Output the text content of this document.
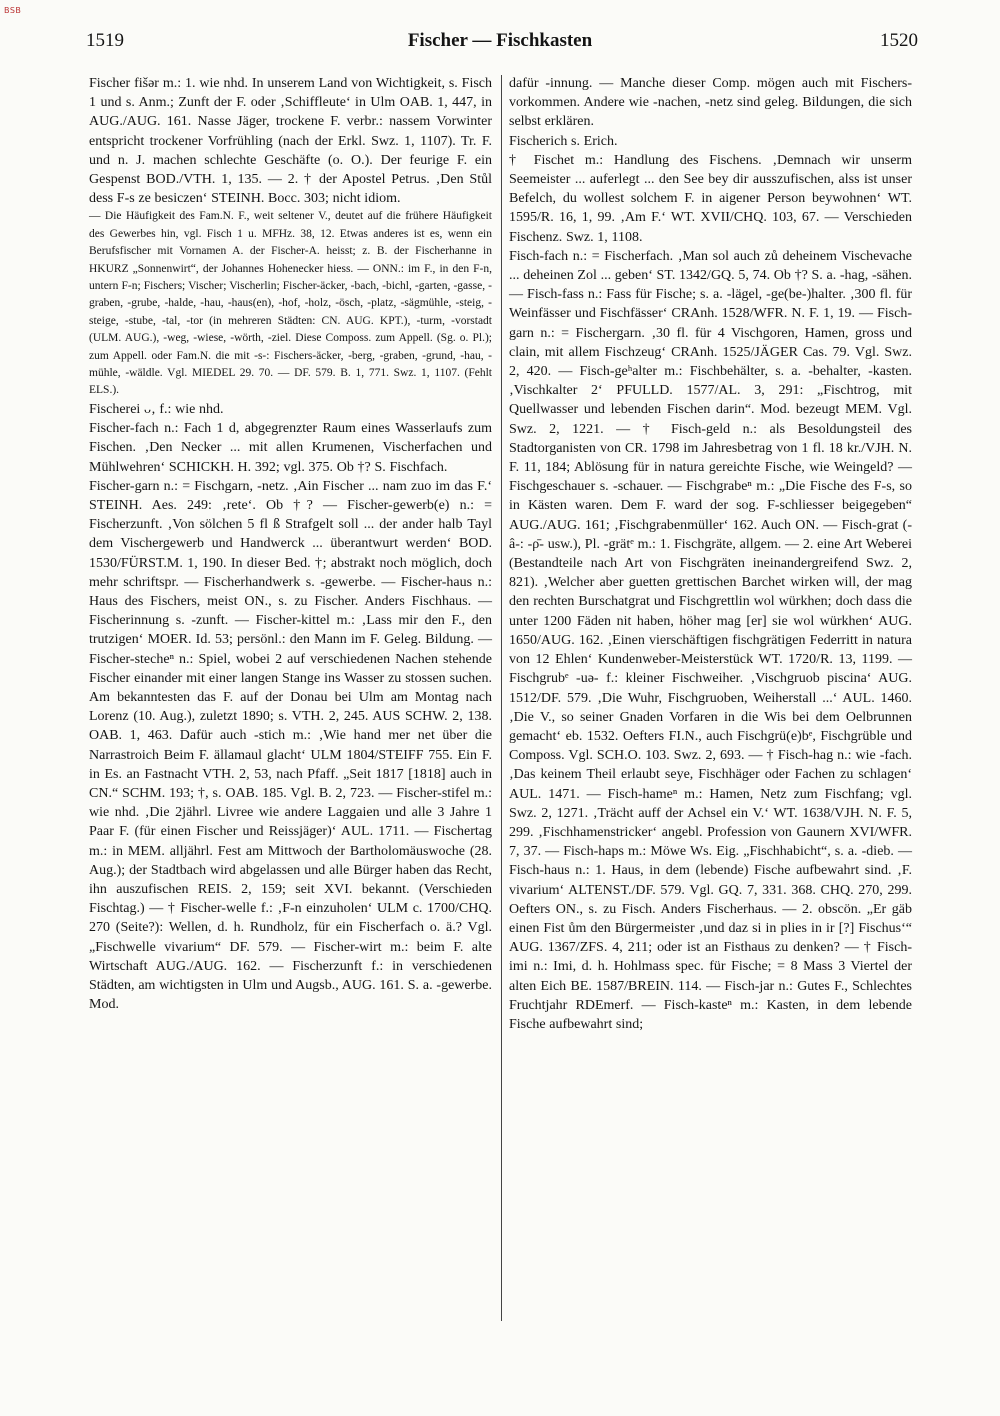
BSB
1519	Fischer — Fischkasten	1520

Fischer fišər m.: 1. wie nhd. In unserem Land von Wichtigkeit, s. Fisch 1 und s. Anm.; Zunft der F. oder ‚Schiffleute‘ in Ulm OAB. 1, 447, in AUG./AUG. 161. Nasse Jäger, trockene F. verbr.: nassem Vorwinter entspricht trockener Vorfrühling (nach der Erkl. Swz. 1, 1107). Tr. F. und n. J. machen schlechte Geschäfte (o. O.). Der feurige F. ein Gespenst BOD./VTH. 1, 135. — 2. † der Apostel Petrus. ‚Den Stůl dess F-s ze besiczen‘ STEINH. Bocc. 303; nicht idiom.

— Die Häufigkeit des Fam.N. F., weit seltener V., deutet auf die frühere Häufigkeit des Gewerbes hin, vgl. Fisch 1 u. MFHz. 38, 12. Etwas anderes ist es, wenn ein Berufsfischer mit Vornamen A. der Fischer-A. heisst; z. B. der Fischerhanne in HKURZ „Sonnenwirt“, der Johannes Hohenecker hiess. — ONN.: im F., in den F-n, untern F-n; Fischers; Vischer; Vischerlin; Fischer-äcker, -bach, -bichl, -garten, -gasse, -graben, -grube, -halde, -hau, -haus(en), -hof, -holz, -ösch, -platz, -sägmühle, -steig, -steige, -stube, -tal, -tor (in mehreren Städten: CN. AUG. KPT.), -turm, -vorstadt (ULM. AUG.), -weg, -wiese, -wörth, -ziel. Diese Composs. zum Appell. (Sg. o. Pl.); zum Appell. oder Fam.N. die mit -s-: Fischers-äcker, -berg, -graben, -grund, -hau, -mühle, -wäldle. Vgl. MIEDEL 29. 70. — DF. 579. B. 1, 771. Swz. 1, 1107. (Fehlt ELS.).

Fischerei ᴗ‚ f.: wie nhd.

Fischer-fach n.: Fach 1 d, abgegrenzter Raum eines Wasserlaufs zum Fischen. ‚Den Necker ... mit allen Krumenen, Vischerfachen und Mühlwehren‘ SCHICKH. H. 392; vgl. 375. Ob †? S. Fischfach.

Fischer-garn n.: = Fischgarn, -netz. ‚Ain Fischer ... nam zuo im das F.‘ STEINH. Aes. 249: ‚rete‘. Ob †? — Fischer-gewerb(e) n.: = Fischerzunft. ‚Von sölchen 5 fl ß Strafgelt soll ... der ander halb Tayl dem Vischergewerb und Handwerck ... überantwurt werden‘ BOD. 1530/FÜRST.M. 1, 190. In dieser Bed. †; abstrakt noch möglich, doch mehr schriftspr. — Fischerhandwerk s. -gewerbe. — Fischer-haus n.: Haus des Fischers, meist ON., s. zu Fischer. Anders Fischhaus. — Fischerinnung s. -zunft. — Fischer-kittel m.: ‚Lass mir den F., den trutzigen‘ MOER. Id. 53; persönl.: den Mann im F. Geleg. Bildung. — Fischer-stecheⁿ n.: Spiel, wobei 2 auf verschiedenen Nachen stehende Fischer einander mit einer langen Stange ins Wasser zu stossen suchen. Am bekanntesten das F. auf der Donau bei Ulm am Montag nach Lorenz (10. Aug.), zuletzt 1890; s. VTH. 2, 245. AUS SCHW. 2, 138. OAB. 1, 463. Dafür auch -stich m.: ‚Wie hand mer net über die Narrastroich Beim F. ällamaul glacht‘ ULM 1804/STEIFF 755. Ein F. in Es. an Fastnacht VTH. 2, 53, nach Pfaff. „Seit 1817 [1818] auch in CN.“ SCHM. 193; †, s. OAB. 185. Vgl. B. 2, 723. — Fischer-stifel m.: wie nhd. ‚Die 2jährl. Livree wie andere Laggaien und alle 3 Jahre 1 Paar F. (für einen Fischer und Reissjäger)‘ AUL. 1711. — Fischertag m.: in MEM. alljährl. Fest am Mittwoch der Bartholomäuswoche (28. Aug.); der Stadtbach wird abgelassen und alle Bürger haben das Recht, ihn auszufischen REIS. 2, 159; seit XVI. bekannt. (Verschieden Fischtag.) — † Fischer-welle f.: ‚F-n einzuholen‘ ULM c. 1700/CHQ. 270 (Seite?): Wellen, d. h. Rundholz, für ein Fischerfach o. ä.? Vgl. „Fischwelle vivarium“ DF. 579. — Fischer-wirt m.: beim F. alte Wirtschaft AUG./AUG. 162. — Fischerzunft f.: in verschiedenen Städten, am wichtigsten in Ulm und Augsb., AUG. 161. S. a. -gewerbe. Mod.

dafür -innung. — Manche dieser Comp. mögen auch mit Fischers- vorkommen. Andere wie -nachen, -netz sind geleg. Bildungen, die sich selbst erklären.

Fischerich s. Erich.

† Fischet m.: Handlung des Fischens. ‚Demnach wir unserm Seemeister ... auferlegt ... den See bey dir ausszufischen, alss ist unser Befelch, du wollest solchem F. in aigener Person beywohnen‘ WT. 1595/R. 16, 1, 99. ‚Am F.‘ WT. XVII/CHQ. 103, 67. — Verschieden Fischenz. Swz. 1, 1108.

Fisch-fach n.: = Fischerfach. ‚Man sol auch zů deheinem Vischevache ... deheinen Zol ... geben‘ ST. 1342/GQ. 5, 74. Ob †? S. a. -hag, -sähen. — Fisch-fass n.: Fass für Fische; s. a. -lägel, -ge(be-)halter. ‚300 fl. für Weinfässer und Fischfässer‘ CRAnh. 1528/WFR. N. F. 1, 19. — Fisch-garn n.: = Fischergarn. ‚30 fl. für 4 Vischgoren, Hamen, gross und clain, mit allem Fischzeug‘ CRAnh. 1525/JÄGER Cas. 79. Vgl. Swz. 2, 420. — Fisch-geʰalter m.: Fischbehälter, s. a. -behalter, -kasten. ‚Vischkalter 2‘ PFULLD. 1577/AL. 3, 291: „Fischtrog, mit Quellwasser und lebenden Fischen darin“. Mod. bezeugt MEM. Vgl. Swz. 2, 1221. — † Fisch-geld n.: als Besoldungsteil des Stadtorganisten von CR. 1798 im Jahresbetrag von 1 fl. 18 kr./VJH. N. F. 11, 184; Ablösung für in natura gereichte Fische, wie Weingeld? — Fischgeschauer s. -schauer. — Fischgrabeⁿ m.: „Die Fische des F-s, so in Kästen waren. Dem F. ward der sog. F-schliesser beigegeben“ AUG./AUG. 161; ‚Fischgrabenmüller‘ 162. Auch ON. — Fisch-grat (-â-: -ρ̄- usw.), Pl. -grätᵉ m.: 1. Fischgräte, allgem. — 2. eine Art Weberei (Bestandteile nach Art von Fischgräten ineinandergreifend Swz. 2, 821). ‚Welcher aber guetten grettischen Barchet wirken will, der mag den rechten Burschatgrat und Fischgrettlin wol würkhen; doch dass die unter 1200 Fäden nit haben, höher mag [er] sie wol würkhen‘ AUG. 1650/AUG. 162. ‚Einen vierschäftigen fischgrätigen Federritt in natura von 12 Ehlen‘ Kundenweber-Meisterstück WT. 1720/R. 13, 1199. — Fischgrubᵉ -uə- f.: kleiner Fischweiher. ‚Vischgruob piscina‘ AUG. 1512/DF. 579. ‚Die Wuhr, Fischgruoben, Weiherstall ...‘ AUL. 1460. ‚Die V., so seiner Gnaden Vorfaren in die Wis bei dem Oelbrunnen gemacht‘ eb. 1532. Oefters FI.N., auch Fischgrü(e)bᵉ, Fischgrüble und Composs. Vgl. SCH.O. 103. Swz. 2, 693. — † Fisch-hag n.: wie -fach. ‚Das keinem Theil erlaubt seye, Fischhäger oder Fachen zu schlagen‘ AUL. 1471. — Fisch-hameⁿ m.: Hamen, Netz zum Fischfang; vgl. Swz. 2, 1271. ‚Trächt auff der Achsel ein V.‘ WT. 1638/VJH. N. F. 5, 299. ‚Fischhamenstricker‘ angebl. Profession von Gaunern XVI/WFR. 7, 37. — Fisch-haps m.: Möwe Ws. Eig. „Fischhabicht“, s. a. -dieb. — Fisch-haus n.: 1. Haus, in dem (lebende) Fische aufbewahrt sind. ‚F. vivarium‘ ALTENST./DF. 579. Vgl. GQ. 7, 331. 368. CHQ. 270, 299. Oefters ON., s. zu Fisch. Anders Fischerhaus. — 2. obscön. „Er gäb einen Fist ům den Bürgermeister ‚und daz si in plies in ir [?] Fischus‘“ AUG. 1367/ZFS. 4, 211; oder ist an Fisthaus zu denken? — † Fisch-imi n.: Imi, d. h. Hohlmass spec. für Fische; = 8 Mass 3 Viertel der alten Eich BE. 1587/BREIN. 114. — Fisch-jar n.: Gutes F., Schlechtes Fruchtjahr RDEmerf. — Fisch-kasteⁿ m.: Kasten, in dem lebende Fische aufbewahrt sind;
